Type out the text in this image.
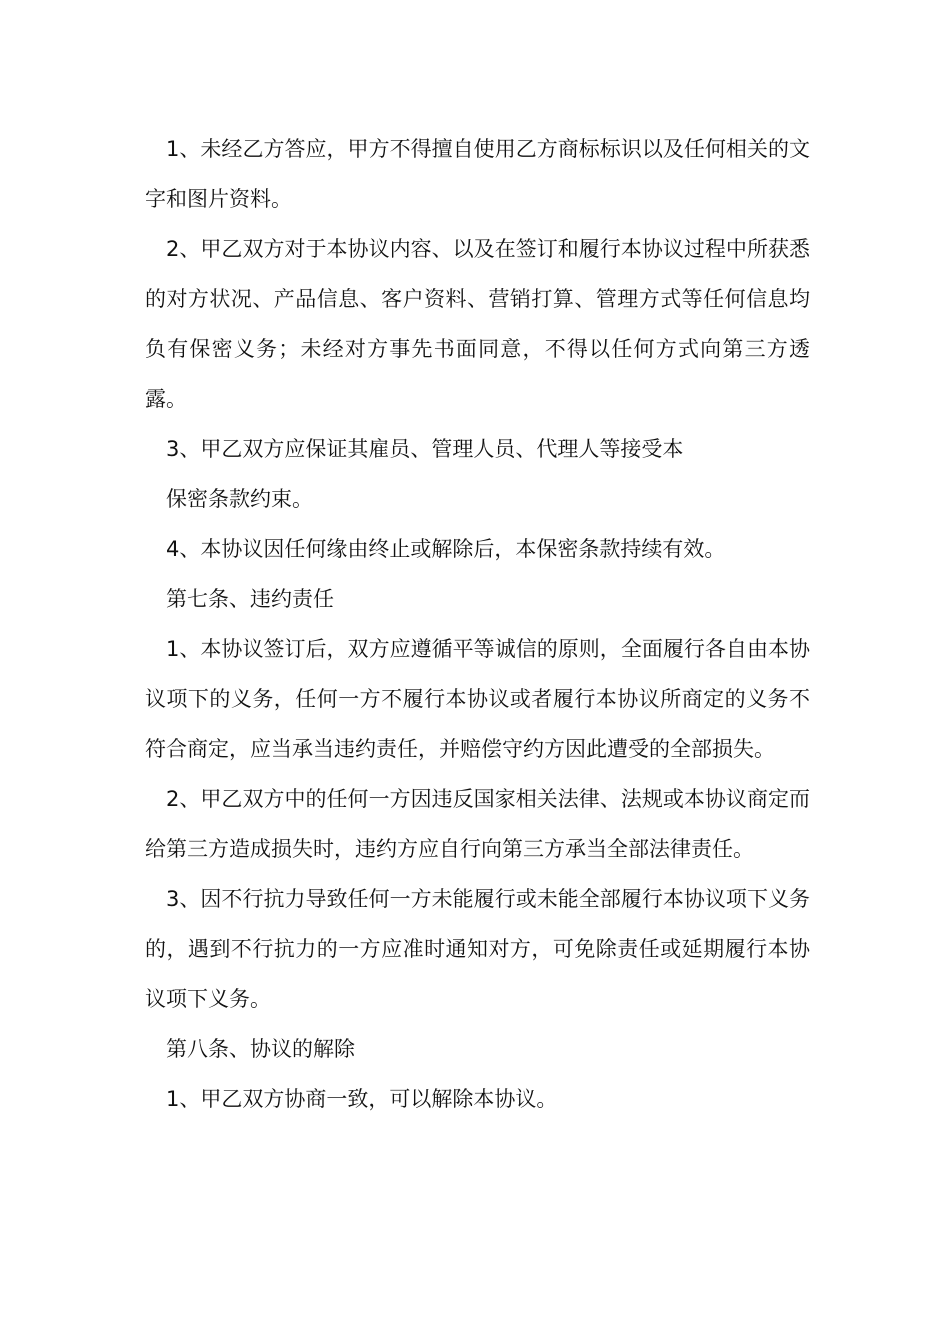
1、未经乙方答应，甲方不得擅自使用乙方商标标识以及任何相关的文字和图片资料。

2、甲乙双方对于本协议内容、以及在签订和履行本协议过程中所获悉的对方状况、产品信息、客户资料、营销打算、管理方式等任何信息均负有保密义务；未经对方事先书面同意，不得以任何方式向第三方透露。

3、甲乙双方应保证其雇员、管理人员、代理人等接受本

保密条款约束。

4、本协议因任何缘由终止或解除后，本保密条款持续有效。

第七条、违约责任

1、本协议签订后，双方应遵循平等诚信的原则，全面履行各自由本协议项下的义务，任何一方不履行本协议或者履行本协议所商定的义务不符合商定，应当承当违约责任，并赔偿守约方因此遭受的全部损失。

2、甲乙双方中的任何一方因违反国家相关法律、法规或本协议商定而给第三方造成损失时，违约方应自行向第三方承当全部法律责任。

3、因不行抗力导致任何一方未能履行或未能全部履行本协议项下义务的，遇到不行抗力的一方应准时通知对方，可免除责任或延期履行本协议项下义务。

第八条、协议的解除

1、甲乙双方协商一致，可以解除本协议。
